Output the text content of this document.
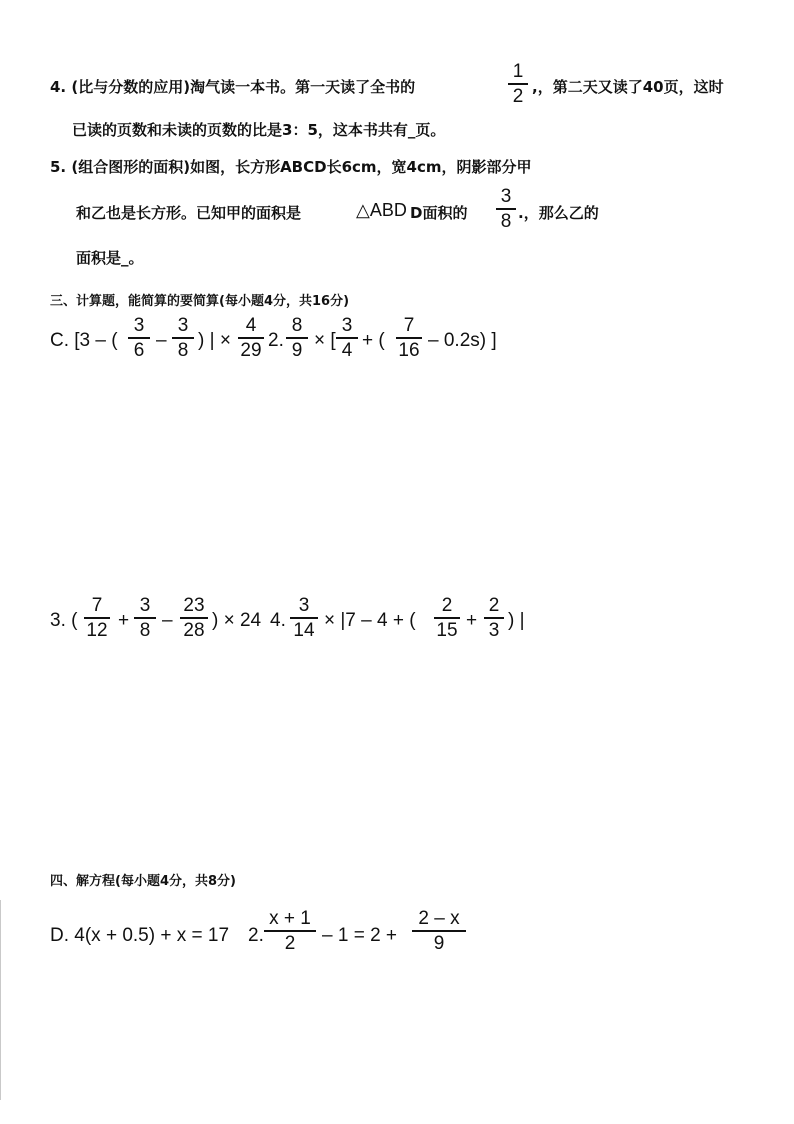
4. (比与分数的应用)淘气读一本书。第一天读了全书的
1
2 ,，第二天又读了40页，这时
已读的页数和未读的页数的比是3：5，这本书共有_页。
5. (组合图形的面积)如图，长方形ABCD长6cm，宽4cm，阴影部分甲
和乙也是长方形。已知甲的面积是	△ABD D面积的
3
8 .，那么乙的
面积是_。
三、计算题，能简算的要简算(每小题4分，共16分)
C. [3 – (
3
6 –
3
8 ) | ×
4
29 2.
8
9 × [
3
4 + (
7
16 – 0.2s) ]
3. (
7
12 +
3
8 –
23
28 ) × 24 4.
3
14 × |7 – 4 + (
2
15 +
2
3 ) |
四、解方程(每小题4分，共8分)
D. 4(x + 0.5) + x = 17 2.
x + 1
2	– 1 = 2 +
2 – x
9
